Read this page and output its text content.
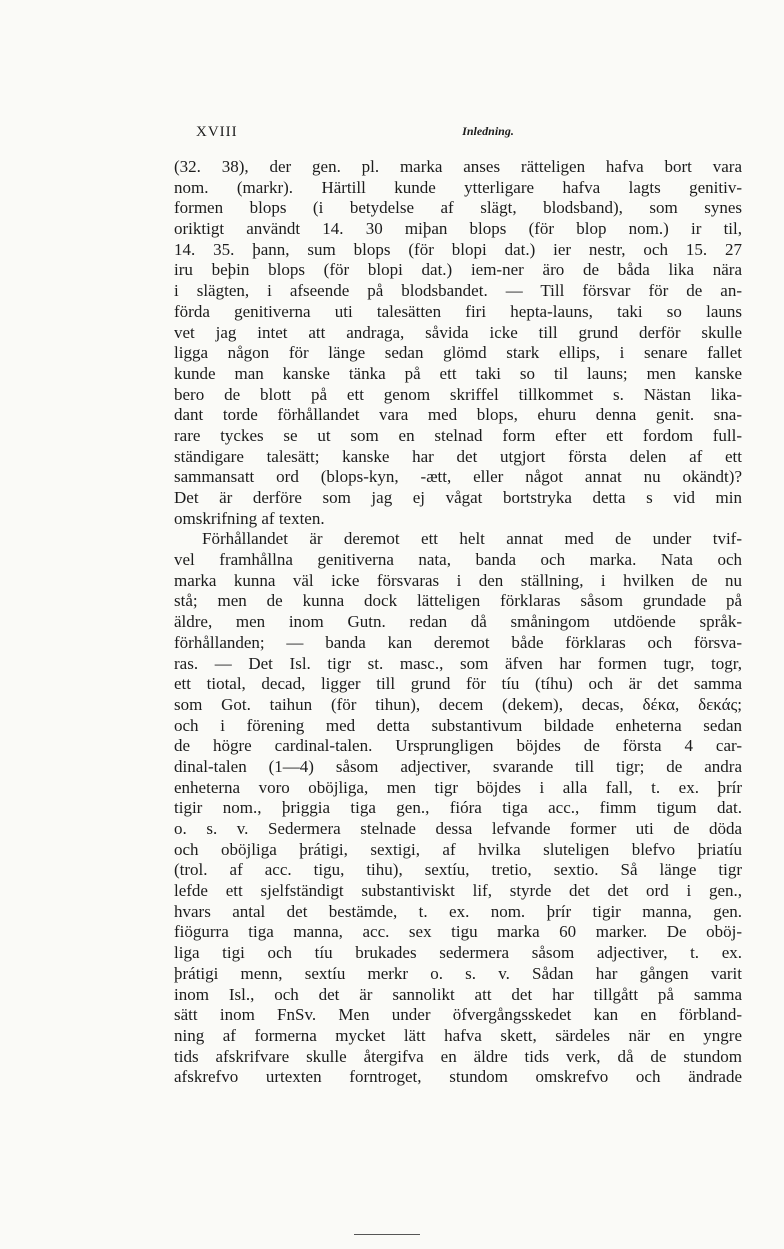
XVIII	Inledning.
(32. 38), der gen. pl. marka anses rätteligen hafva bort vara
nom. (markr). Härtill kunde ytterligare hafva lagts genitiv-
formen blops (i betydelse af slägt, blodsband), som synes
oriktigt användt 14. 30 miþan blops (för blop nom.) ir til,
14. 35. þann, sum blops (för blopi dat.) ier nestr, och 15. 27
iru beþin blops (för blopi dat.) iem-ner äro de båda lika nära
i slägten, i afseende på blodsbandet. — Till försvar för de an-
förda genitiverna uti talesätten firi hepta-launs, taki so launs
vet jag intet att andraga, såvida icke till grund derför skulle
ligga någon för länge sedan glömd stark ellips, i senare fallet
kunde man kanske tänka på ett taki so til launs; men kanske
bero de blott på ett genom skriffel tillkommet s. Nästan lika-
dant torde förhållandet vara med blops, ehuru denna genit. sna-
rare tyckes se ut som en stelnad form efter ett fordom full-
ständigare talesätt; kanske har det utgjort första delen af ett
sammansatt ord (blops-kyn, -ætt, eller något annat nu okändt)?
Det är derföre som jag ej vågat bortstryka detta s vid min
omskrifning af texten.
Förhållandet är deremot ett helt annat med de under tvif-
vel framhållna genitiverna nata, banda och marka. Nata och
marka kunna väl icke försvaras i den ställning, i hvilken de nu
stå; men de kunna dock lätteligen förklaras såsom grundade på
äldre, men inom Gutn. redan då småningom utdöende språk-
förhållanden; — banda kan deremot både förklaras och försva-
ras. — Det Isl. tigr st. masc., som äfven har formen tugr, togr,
ett tiotal, decad, ligger till grund för tíu (tíhu) och är det samma
som Got. taihun (för tihun), decem (dekem), decas, δέκα, δεκάς;
och i förening med detta substantivum bildade enheterna sedan
de högre cardinal-talen. Ursprungligen böjdes de första 4 car-
dinal-talen (1—4) såsom adjectiver, svarande till tigr; de andra
enheterna voro oböjliga, men tigr böjdes i alla fall, t. ex. þrír
tigir nom., þriggia tiga gen., fióra tiga acc., fimm tigum dat.
o. s. v. Sedermera stelnade dessa lefvande former uti de döda
och oböjliga þrátigi, sextigi, af hvilka sluteligen blefvo þriatíu
(trol. af acc. tigu, tihu), sextíu, tretio, sextio. Så länge tigr
lefde ett sjelfständigt substantiviskt lif, styrde det det ord i gen.,
hvars antal det bestämde, t. ex. nom. þrír tigir manna, gen.
fiögurra tiga manna, acc. sex tigu marka 60 marker. De oböj-
liga tigi och tíu brukades sedermera såsom adjectiver, t. ex.
þrátigi menn, sextíu merkr o. s. v. Sådan har gången varit
inom Isl., och det är sannolikt att det har tillgått på samma
sätt inom FnSv. Men under öfvergångsskedet kan en förbland-
ning af formerna mycket lätt hafva skett, särdeles när en yngre
tids afskrifvare skulle återgifva en äldre tids verk, då de stundom
afskrefvo urtexten forntroget, stundom omskrefvo och ändrade
